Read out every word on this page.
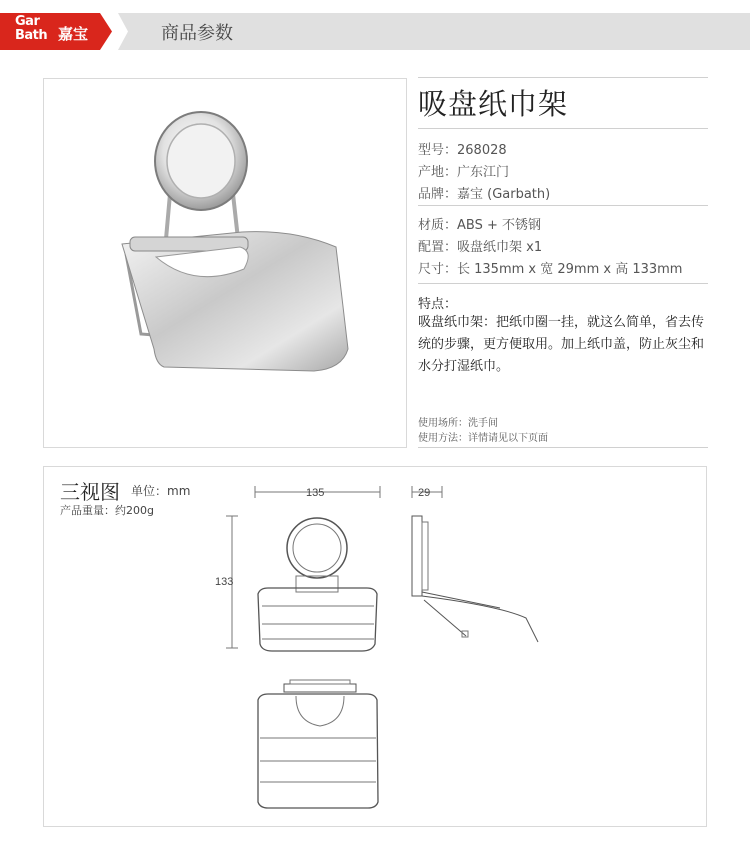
Gar
Bath 嘉宝	商品参数
吸盘纸巾架
型号：268028
产地：广东江门
品牌：嘉宝 (Garbath)
材质：ABS + 不锈钢
配置：吸盘纸巾架 x1
尺寸：长 135mm x 宽 29mm x 高 133mm
特点：
吸盘纸巾架：把纸巾圈一挂，就这么简单，省去传统的步骤，更方便取用。加上纸巾盖，防止灰尘和水分打湿纸巾。
使用场所：洗手间
使用方法：详情请见以下页面
三视图 单位：mm
产品重量：约200g
135	29
133
